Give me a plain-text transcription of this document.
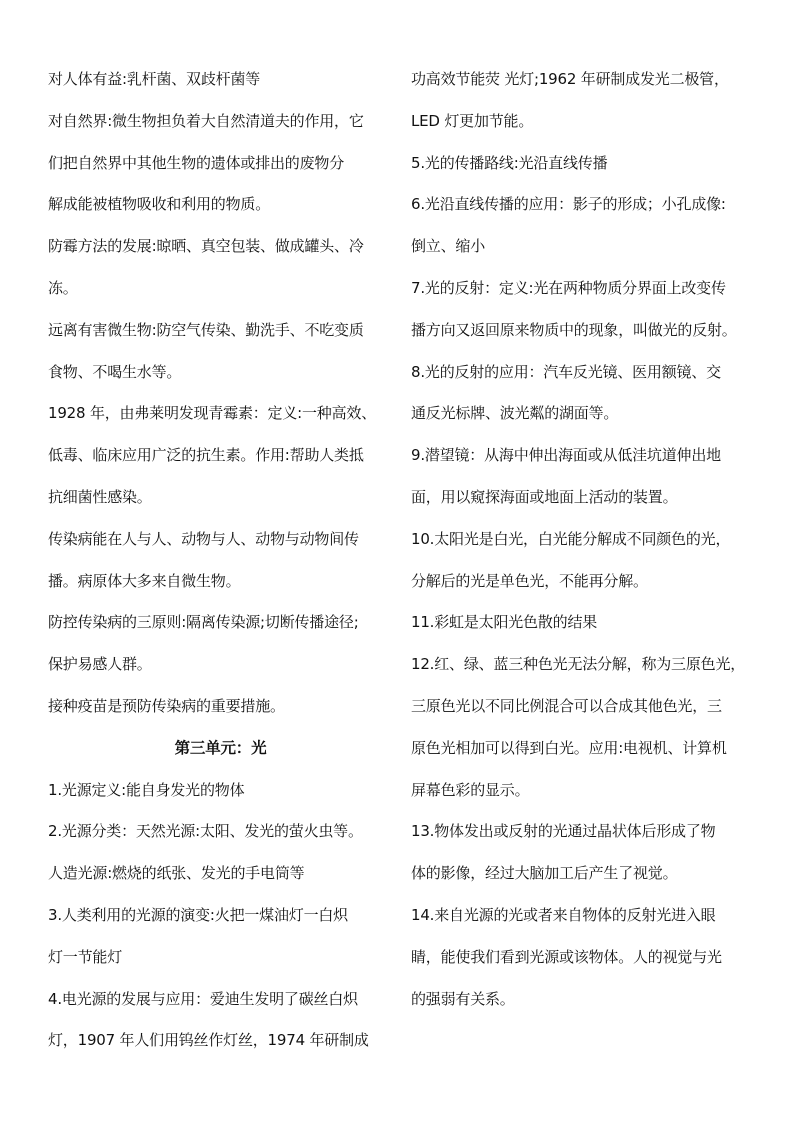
对人体有益:乳杆菌、双歧杆菌等
对自然界:微生物担负着大自然清道夫的作用，它
们把自然界中其他生物的遗体或排出的废物分
解成能被植物吸收和利用的物质。
防霉方法的发展:晾晒、真空包装、做成罐头、冷
冻。
远离有害微生物:防空气传染、勤洗手、不吃变质
食物、不喝生水等。
1928 年，由弗莱明发现青霉素：定义:一种高效、
低毒、临床应用广泛的抗生素。作用:帮助人类抵
抗细菌性感染。
传染病能在人与人、动物与人、动物与动物间传
播。病原体大多来自微生物。
防控传染病的三原则:隔离传染源;切断传播途径;
保护易感人群。
接种疫苗是预防传染病的重要措施。
第三单元：光
1.光源定义:能自身发光的物体
2.光源分类：天然光源:太阳、发光的萤火虫等。
人造光源:燃烧的纸张、发光的手电筒等
3.人类利用的光源的演变:火把一煤油灯一白炽
灯一节能灯
4.电光源的发展与应用：爱迪生发明了碳丝白炽
灯，1907 年人们用钨丝作灯丝，1974 年研制成
功高效节能荧 光灯;1962 年研制成发光二极管，
LED 灯更加节能。
5.光的传播路线:光沿直线传播
6.光沿直线传播的应用：影子的形成；小孔成像:
倒立、缩小
7.光的反射：定义:光在两种物质分界面上改变传
播方向又返回原来物质中的现象，叫做光的反射。
8.光的反射的应用：汽车反光镜、医用额镜、交
通反光标牌、波光粼的湖面等。
9.潜望镜：从海中伸出海面或从低洼坑道伸出地
面，用以窥探海面或地面上活动的装置。
10.太阳光是白光，白光能分解成不同颜色的光，
分解后的光是单色光，不能再分解。
11.彩虹是太阳光色散的结果
12.红、绿、蓝三种色光无法分解，称为三原色光，
三原色光以不同比例混合可以合成其他色光，三
原色光相加可以得到白光。应用:电视机、计算机
屏幕色彩的显示。
13.物体发出或反射的光通过晶状体后形成了物
体的影像，经过大脑加工后产生了视觉。
14.来自光源的光或者来自物体的反射光进入眼
睛，能使我们看到光源或该物体。人的视觉与光
的强弱有关系。
